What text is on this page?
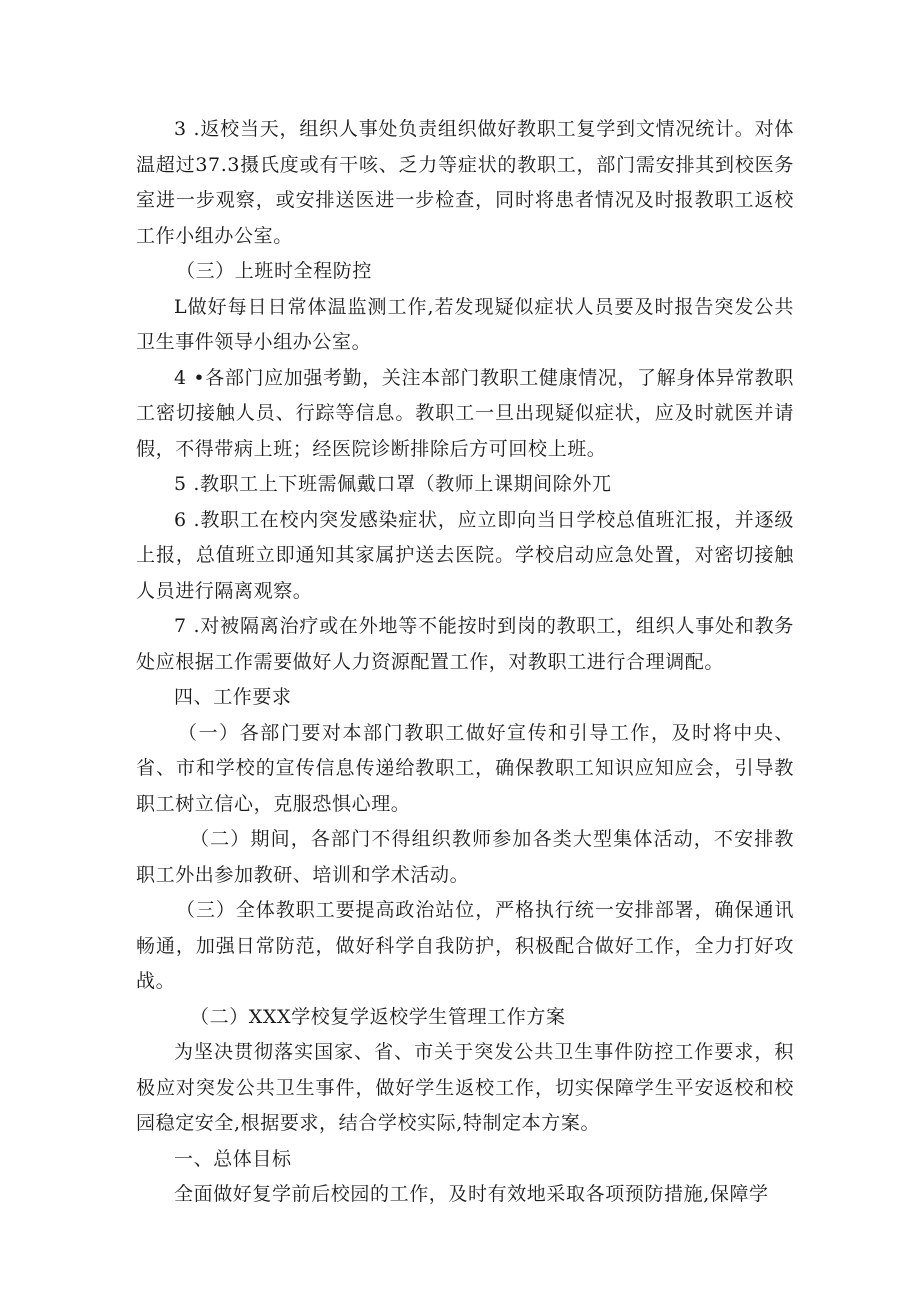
3 .返校当天，组织人事处负责组织做好教职工复学到文情况统计。对体温超过37.3摄氏度或有干咳、乏力等症状的教职工，部门需安排其到校医务室进一步观察，或安排送医进一步检查，同时将患者情况及时报教职工返校工作小组办公室。

（三）上班时全程防控

L做好每日日常体温监测工作,若发现疑似症状人员要及时报告突发公共卫生事件领导小组办公室。

4 •各部门应加强考勤，关注本部门教职工健康情况，了解身体异常教职工密切接触人员、行踪等信息。教职工一旦出现疑似症状，应及时就医并请假，不得带病上班；经医院诊断排除后方可回校上班。

5 .教职工上下班需佩戴口罩（教师上课期间除外兀

6 .教职工在校内突发感染症状，应立即向当日学校总值班汇报，并逐级上报，总值班立即通知其家属护送去医院。学校启动应急处置，对密切接触人员进行隔离观察。

7 .对被隔离治疗或在外地等不能按时到岗的教职工，组织人事处和教务处应根据工作需要做好人力资源配置工作，对教职工进行合理调配。

四、工作要求

（一）各部门要对本部门教职工做好宣传和引导工作，及时将中央、省、市和学校的宣传信息传递给教职工，确保教职工知识应知应会，引导教职工树立信心，克服恐惧心理。

（二）期间，各部门不得组织教师参加各类大型集体活动，不安排教职工外出参加教研、培训和学术活动。

（三）全体教职工要提高政治站位，严格执行统一安排部署，确保通讯畅通，加强日常防范，做好科学自我防护，积极配合做好工作，全力打好攻战。

（二）XXX学校复学返校学生管理工作方案

为坚决贯彻落实国家、省、市关于突发公共卫生事件防控工作要求，积极应对突发公共卫生事件，做好学生返校工作，切实保障学生平安返校和校园稳定安全,根据要求，结合学校实际,特制定本方案。

一、总体目标

全面做好复学前后校园的工作，及时有效地采取各项预防措施,保障学
